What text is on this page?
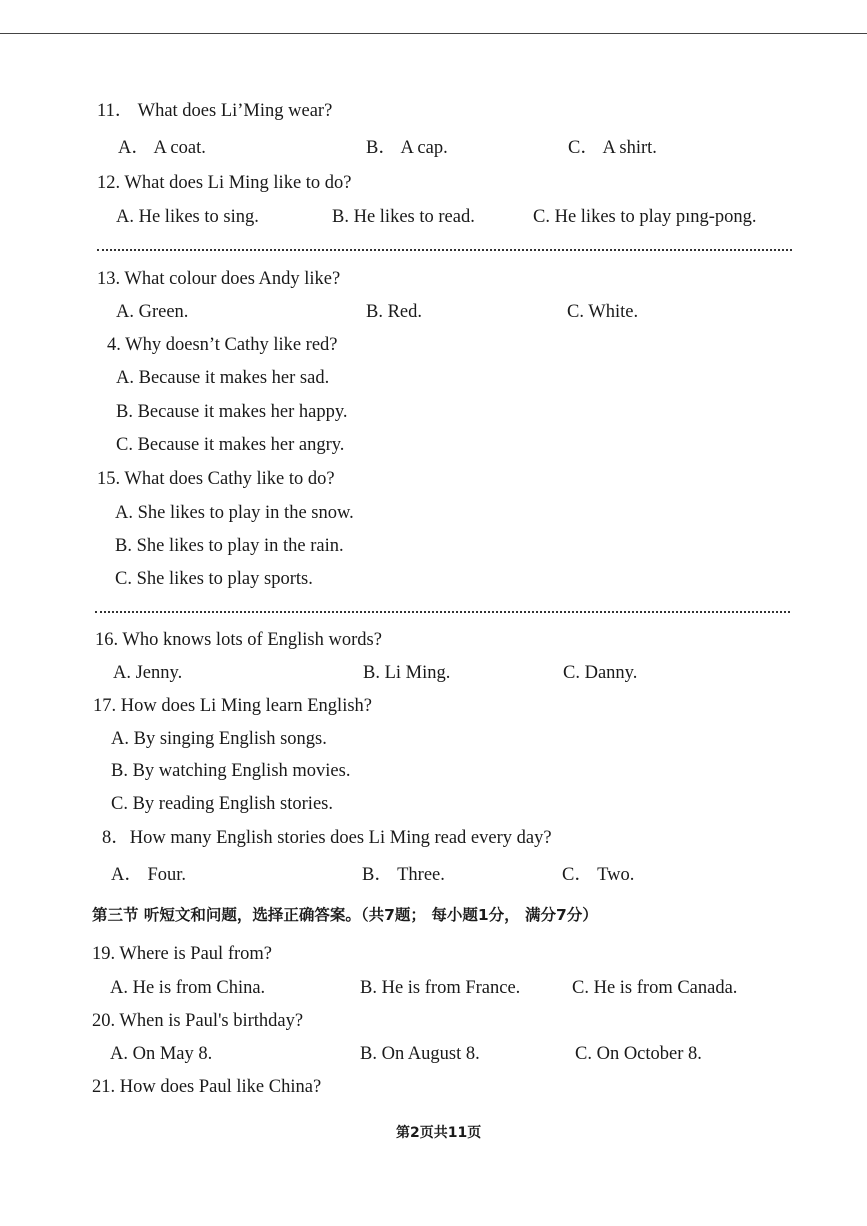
11． What does Li’Ming wear?
A． A coat.	B． A cap.	C． A shirt.
12. What does Li Ming like to do?
A. He likes to sing.	B. He likes to read.	C. He likes to play pıng-pong.
13. What colour does Andy like?
A. Green.	B. Red.	C. White.
4. Why doesn’t Cathy like red?
A. Because it makes her sad.
B. Because it makes her happy.
C. Because it makes her angry.
15. What does Cathy like to do?
A. She likes to play in the snow.
B. She likes to play in the rain.
C. She likes to play sports.
16. Who knows lots of English words?
A. Jenny.	B. Li Ming.	C. Danny.
17. How does Li Ming learn English?
A. By singing English songs.
B. By watching English movies.
C. By reading English stories.
8．How many English stories does Li Ming read every day?
A． Four.	B． Three.	C． Two.
第三节 听短文和问题，选择正确答案。（共7题； 每小题1分， 满分7分）
19. Where is Paul from?
A. He is from China.	B. He is from France.	C. He is from Canada.
20. When is Paul's birthday?
A. On May 8.	B. On August 8.	C. On October 8.
21. How does Paul like China?
第2页共11页
